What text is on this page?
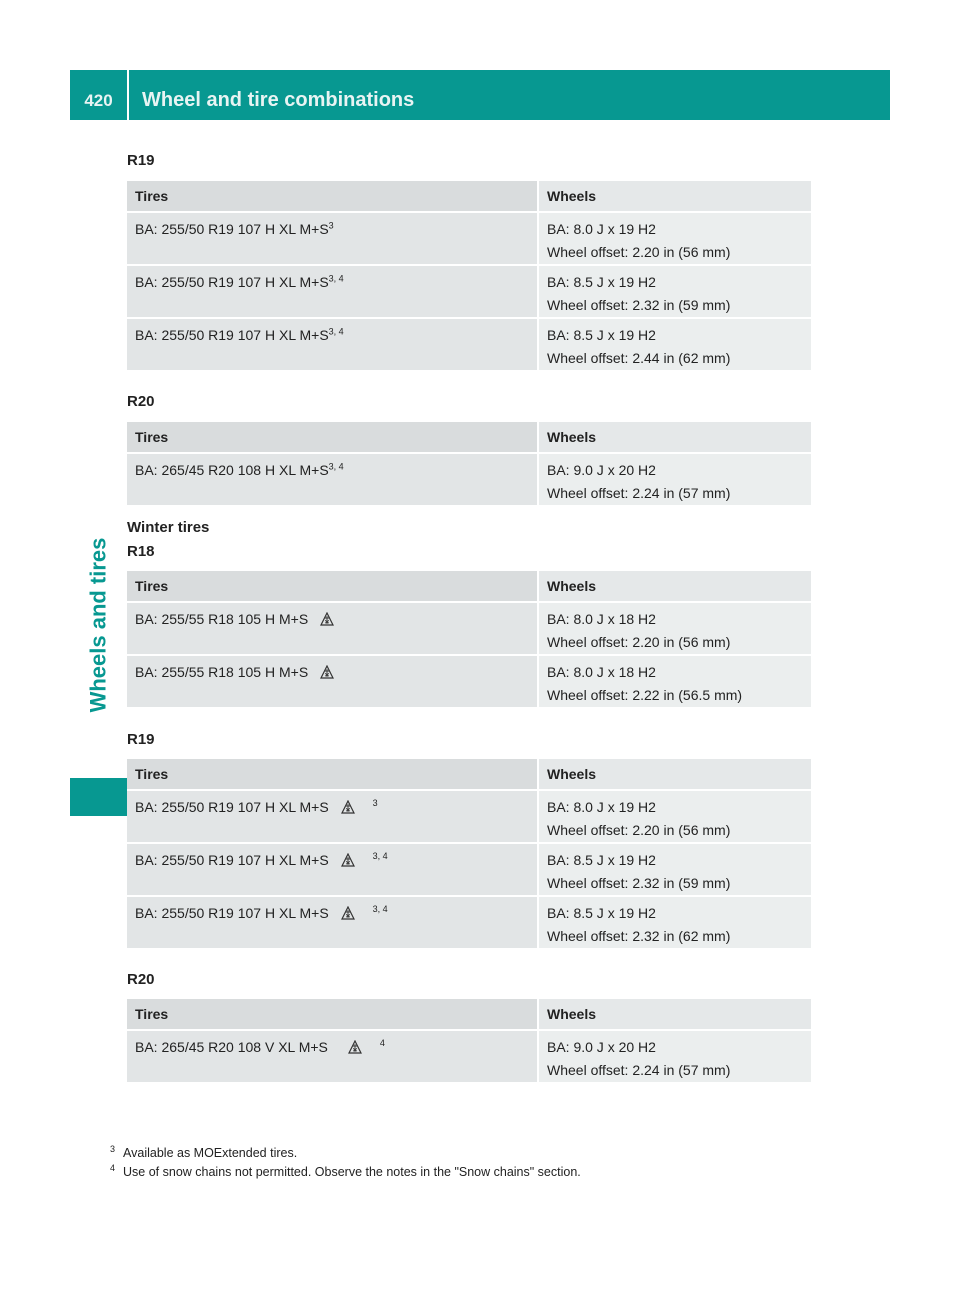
420	Wheel and tire combinations
Wheels and tires
R19
Tires	Wheels
BA: 255/50 R19 107 H XL $M+S^3$	BA: 8.0 J x 19 H2
Wheel offset: 2.20 in (56 mm)

BA: 255/50 R19 107 H XL $M+S^{3, 4}$	BA: 8.5 J x 19 H2
Wheel offset: 2.32 in (59 mm)

BA: 255/50 R19 107 H XL $M+S^{3, 4}$	BA: 8.5 J x 19 H2
Wheel offset: 2.44 in (62 mm)
R20
Tires	Wheels
BA: 265/45 R20 108 H XL $M+S^{3, 4}$	BA: 9.0 J x 20 H2
Wheel offset: 2.24 in (57 mm)
Winter tires
R18
Tires	Wheels
BA: 255/55 R18 105 H M+S	BA: 8.0 J x 18 H2
Wheel offset: 2.20 in (56 mm)

BA: 255/55 R18 105 H M+S	BA: 8.0 J x 18 H2
Wheel offset: 2.22 in (56.5 mm)
R19
Tires	Wheels
BA: 255/50 R19 107 H XL M+S $^3$	BA: 8.0 J x 19 H2
Wheel offset: 2.20 in (56 mm)

BA: 255/50 R19 107 H XL M+S $^{3, 4}$	BA: 8.5 J x 19 H2
Wheel offset: 2.32 in (59 mm)

BA: 255/50 R19 107 H XL M+S $^{3, 4}$	BA: 8.5 J x 19 H2
Wheel offset: 2.32 in (62 mm)
R20
Tires	Wheels
BA: 265/45 R20 108 V XL M+S $^4$	BA: 9.0 J x 20 H2
Wheel offset: 2.24 in (57 mm)
$^3$ Available as MOExtended tires.
$^4$ Use of snow chains not permitted. Observe the notes in the "Snow chains" section.
